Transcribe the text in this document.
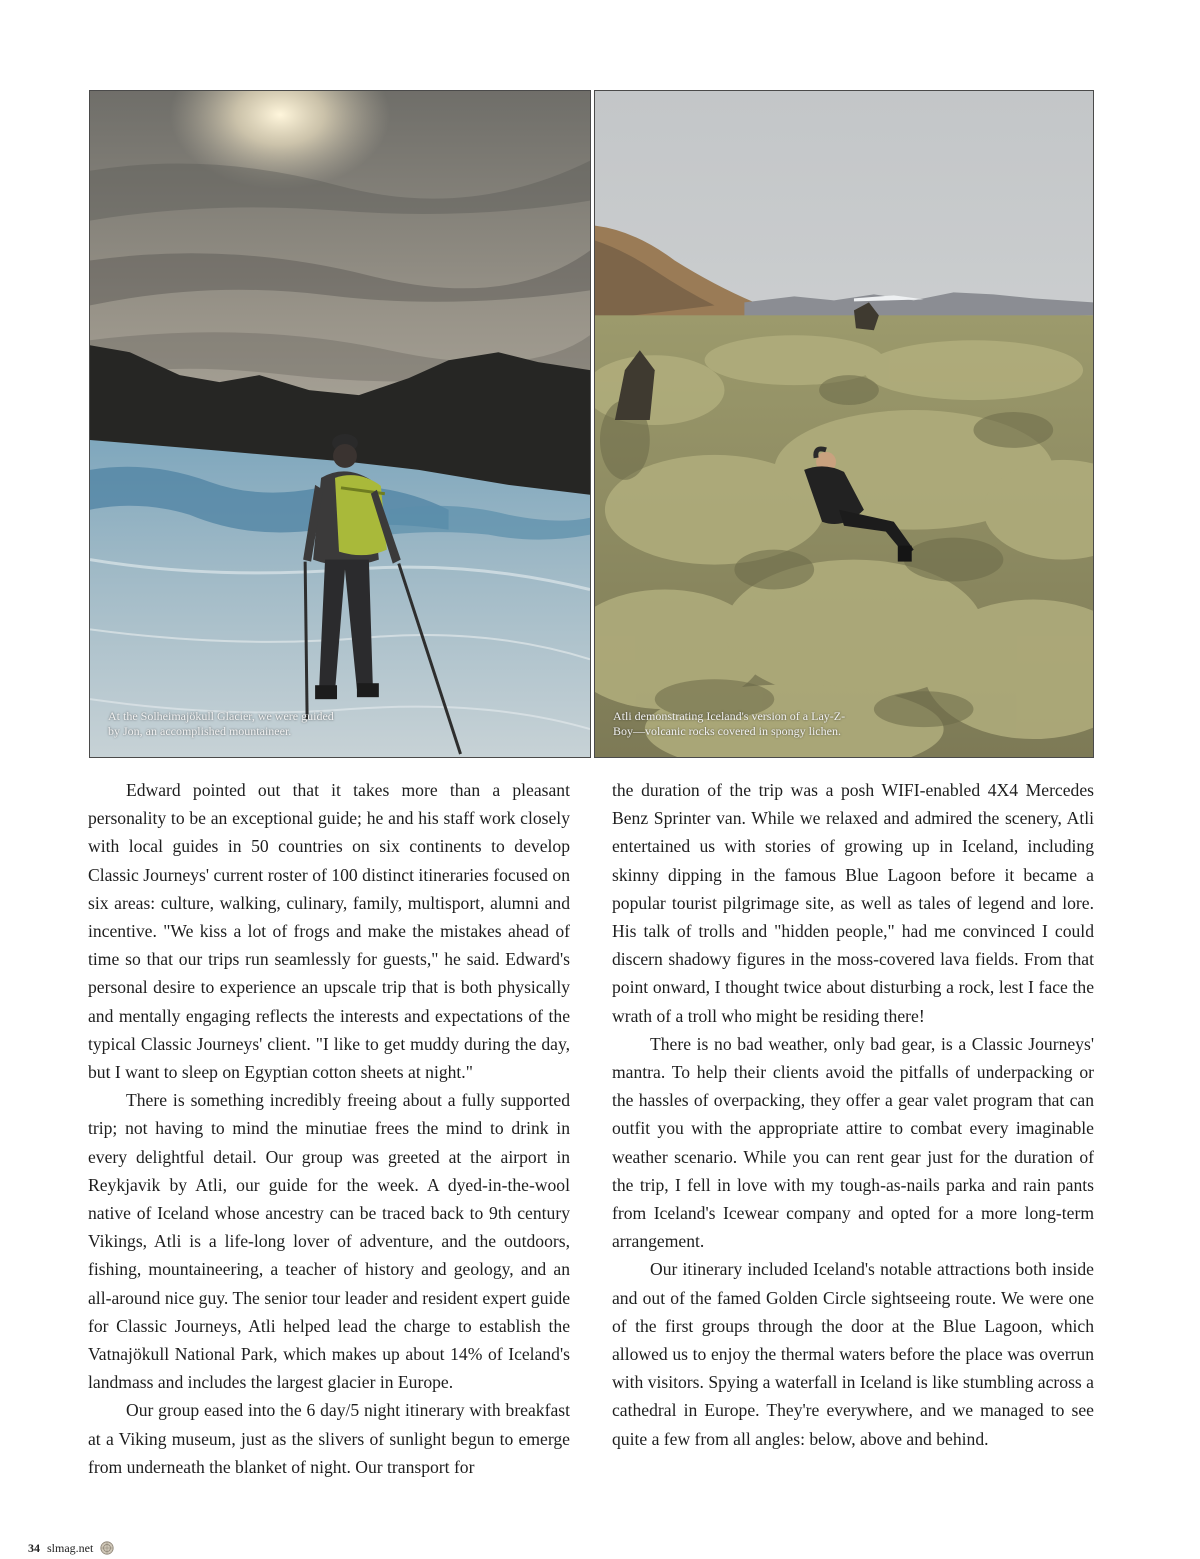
At the Solheimajökull Glacier, we were guided by Jon, an accomplished mountaineer.
Atli demonstrating Iceland's version of a Lay-Z-Boy—volcanic rocks covered in spongy lichen.

Edward pointed out that it takes more than a pleasant personality to be an exceptional guide; he and his staff work closely with local guides in 50 countries on six continents to develop Classic Journeys' current roster of 100 distinct itineraries focused on six areas: culture, walking, culinary, family, multisport, alumni and incentive. "We kiss a lot of frogs and make the mistakes ahead of time so that our trips run seamlessly for guests," he said. Edward's personal desire to experience an upscale trip that is both physically and mentally engaging reflects the interests and expectations of the typical Classic Journeys' client. "I like to get muddy during the day, but I want to sleep on Egyptian cotton sheets at night."

There is something incredibly freeing about a fully supported trip; not having to mind the minutiae frees the mind to drink in every delightful detail. Our group was greeted at the airport in Reykjavik by Atli, our guide for the week. A dyed-in-the-wool native of Iceland whose ancestry can be traced back to 9th century Vikings, Atli is a life-long lover of adventure, and the outdoors, fishing, mountaineering, a teacher of history and geology, and an all-around nice guy. The senior tour leader and resident expert guide for Classic Journeys, Atli helped lead the charge to establish the Vatnajökull National Park, which makes up about 14% of Iceland's landmass and includes the largest glacier in Europe.

Our group eased into the 6 day/5 night itinerary with breakfast at a Viking museum, just as the slivers of sunlight begun to emerge from underneath the blanket of night. Our transport for

the duration of the trip was a posh WIFI-enabled 4X4 Mercedes Benz Sprinter van. While we relaxed and admired the scenery, Atli entertained us with stories of growing up in Iceland, including skinny dipping in the famous Blue Lagoon before it became a popular tourist pilgrimage site, as well as tales of legend and lore. His talk of trolls and "hidden people," had me convinced I could discern shadowy figures in the moss-covered lava fields. From that point onward, I thought twice about disturbing a rock, lest I face the wrath of a troll who might be residing there!

There is no bad weather, only bad gear, is a Classic Journeys' mantra. To help their clients avoid the pitfalls of underpacking or the hassles of overpacking, they offer a gear valet program that can outfit you with the appropriate attire to combat every imaginable weather scenario. While you can rent gear just for the duration of the trip, I fell in love with my tough-as-nails parka and rain pants from Iceland's Icewear company and opted for a more long-term arrangement.

Our itinerary included Iceland's notable attractions both inside and out of the famed Golden Circle sightseeing route. We were one of the first groups through the door at the Blue Lagoon, which allowed us to enjoy the thermal waters before the place was overrun with visitors. Spying a waterfall in Iceland is like stumbling across a cathedral in Europe. They're everywhere, and we managed to see quite a few from all angles: below, above and behind.

34 slmag.net
